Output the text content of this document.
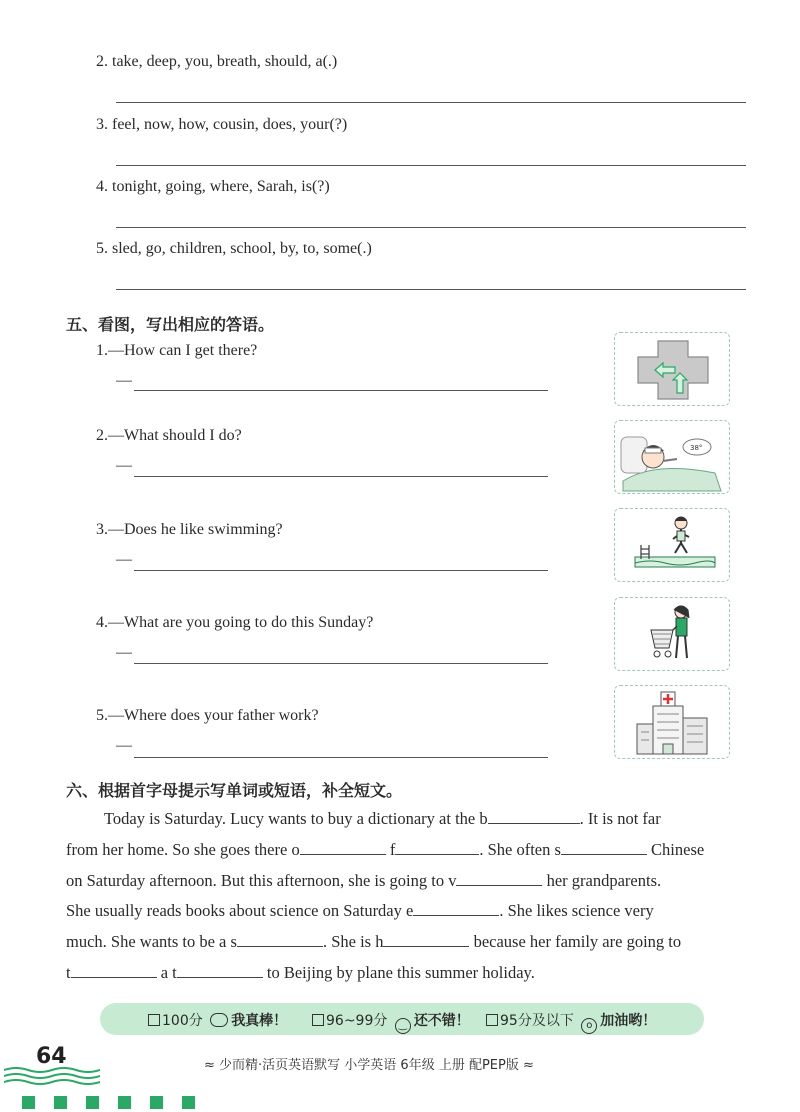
2. take, deep, you, breath, should, a(.)
3. feel, now, how, cousin, does, your(?)
4. tonight, going, where, Sarah, is(?)
5. sled, go, children, school, by, to, some(.)
五、看图，写出相应的答语。
1.—How can I get there?
—
2.—What should I do?
—
38°
3.—Does he like swimming?
—
4.—What are you going to do this Sunday?
—
5.—Where does your father work?
—
六、根据首字母提示写单词或短语，补全短文。
Today is Saturday. Lucy wants to buy a dictionary at the b	. It is not far
from her home. So she goes there o	f	. She often s	Chinese
on Saturday afternoon. But this afternoon, she is going to v	her grandparents.
She usually reads books about science on Saturday e	. She likes science very
much. She wants to be a s	. She is h	because her family are going to
t	a t	to Beijing by plane this summer holiday.
100分 我真棒！	96~99分 ‿ 还不错！	95分及以下 o 加油哟！
64	≈ 少而精·活页英语默写 小学英语 6年级 上册 配PEP版 ≈
